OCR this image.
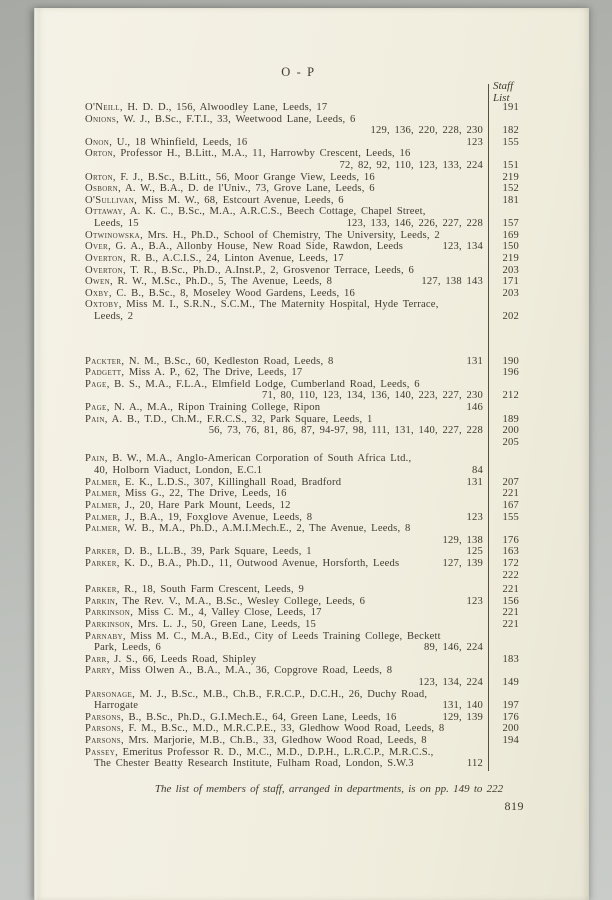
O - P
Staff
List
O'Neill, H. D. D., 156, Alwoodley Lane, Leeds, 17	191
Onions, W. J., B.Sc., F.T.I., 33, Weetwood Lane, Leeds, 6
129, 136, 220, 228, 230	182
Onon, U., 18 Whinfield, Leeds, 16	123	155
Orton, Professor H., B.Litt., M.A., 11, Harrowby Crescent, Leeds, 16
72, 82, 92, 110, 123, 133, 224	151
Orton, F. J., B.Sc., B.Litt., 56, Moor Grange View, Leeds, 16	219
Osborn, A. W., B.A., D. de l'Univ., 73, Grove Lane, Leeds, 6	152
O'Sullivan, Miss M. W., 68, Estcourt Avenue, Leeds, 6	181
Ottaway, A. K. C., B.Sc., M.A., A.R.C.S., Beech Cottage, Chapel Street,
Leeds, 15	123, 133, 146, 226, 227, 228	157
Otwinowska, Mrs. H., Ph.D., School of Chemistry, The University, Leeds, 2	169
Over, G. A., B.A., Allonby House, New Road Side, Rawdon, Leeds	123, 134	150
Overton, R. B., A.C.I.S., 24, Linton Avenue, Leeds, 17	219
Overton, T. R., B.Sc., Ph.D., A.Inst.P., 2, Grosvenor Terrace, Leeds, 6	203
Owen, R. W., M.Sc., Ph.D., 5, The Avenue, Leeds, 8	127, 138 143	171
Oxby, C. B., B.Sc., 8, Moseley Wood Gardens, Leeds, 16	203
Oxtoby, Miss M. I., S.R.N., S.C.M., The Maternity Hospital, Hyde Terrace,
Leeds, 2	202
Packter, N. M., B.Sc., 60, Kedleston Road, Leeds, 8	131	190
Padgett, Miss A. P., 62, The Drive, Leeds, 17	196
Page, B. S., M.A., F.L.A., Elmfield Lodge, Cumberland Road, Leeds, 6
71, 80, 110, 123, 134, 136, 140, 223, 227, 230	212
Page, N. A., M.A., Ripon Training College, Ripon	146
Pain, A. B., T.D., Ch.M., F.R.C.S., 32, Park Square, Leeds, 1	189
56, 73, 76, 81, 86, 87, 94-97, 98, 111, 131, 140, 227, 228	200
205
Pain, B. W., M.A., Anglo-American Corporation of South Africa Ltd.,
40, Holborn Viaduct, London, E.C.1	84
Palmer, E. K., L.D.S., 307, Killinghall Road, Bradford	131	207
Palmer, Miss G., 22, The Drive, Leeds, 16	221
Palmer, J., 20, Hare Park Mount, Leeds, 12	167
Palmer, J., B.A., 19, Foxglove Avenue, Leeds, 8	123	155
Palmer, W. B., M.A., Ph.D., A.M.I.Mech.E., 2, The Avenue, Leeds, 8
129, 138	176
Parker, D. B., LL.B., 39, Park Square, Leeds, 1	125	163
Parker, K. D., B.A., Ph.D., 11, Outwood Avenue, Horsforth, Leeds	127, 139	172
222
Parker, R., 18, South Farm Crescent, Leeds, 9	221
Parkin, The Rev. V., M.A., B.Sc., Wesley College, Leeds, 6	123	156
Parkinson, Miss C. M., 4, Valley Close, Leeds, 17	221
Parkinson, Mrs. L. J., 50, Green Lane, Leeds, 15	221
Parnaby, Miss M. C., M.A., B.Ed., City of Leeds Training College, Beckett
Park, Leeds, 6	89, 146, 224
Parr, J. S., 66, Leeds Road, Shipley	183
Parry, Miss Olwen A., B.A., M.A., 36, Copgrove Road, Leeds, 8
123, 134, 224	149
Parsonage, M. J., B.Sc., M.B., Ch.B., F.R.C.P., D.C.H., 26, Duchy Road,
Harrogate	131, 140	197
Parsons, B., B.Sc., Ph.D., G.I.Mech.E., 64, Green Lane, Leeds, 16	129, 139	176
Parsons, F. M., B.Sc., M.D., M.R.C.P.E., 33, Gledhow Wood Road, Leeds, 8	200
Parsons, Mrs. Marjorie, M.B., Ch.B., 33, Gledhow Wood Road, Leeds, 8	194
Passey, Emeritus Professor R. D., M.C., M.D., D.P.H., L.R.C.P., M.R.C.S.,
The Chester Beatty Research Institute, Fulham Road, London, S.W.3	112
The list of members of staff, arranged in departments, is on pp. 149 to 222
819
